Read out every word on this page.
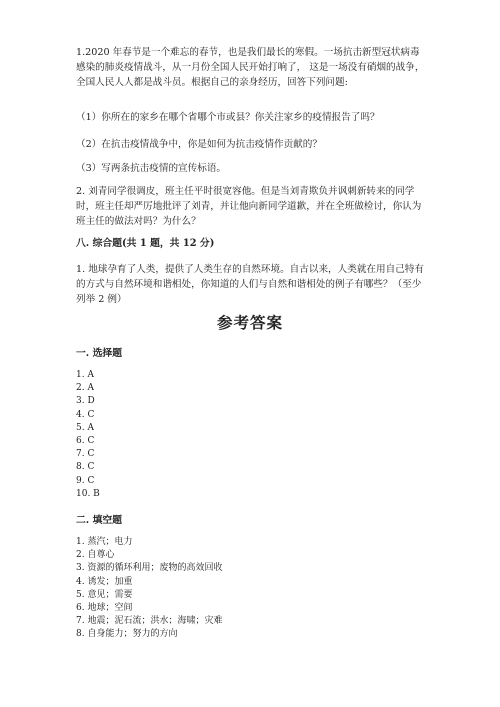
1.2020 年春节是一个难忘的春节，也是我们最长的寒假。一场抗击新型冠状病毒感染的肺炎疫情战斗，从一月份全国人民开始打响了， 这是一场没有硝烟的战争，全国人民人人都是战斗员。根据自己的亲身经历，回答下列问题:

（1）你所在的家乡在哪个省哪个市或县？你关注家乡的疫情报告了吗？

（2）在抗击疫情战争中，你是如何为抗击疫情作贡献的？

（3）写两条抗击疫情的宣传标语。

2. 刘青同学很调皮，班主任平时很宽容他。但是当刘青欺负并讽刺新转来的同学时，班主任却严厉地批评了刘青，并让他向新同学道歉，并在全班做检讨，你认为班主任的做法对吗？为什么？

八. 综合题(共 1 题，共 12 分)

1. 地球孕育了人类，提供了人类生存的自然环境。自古以来，人类就在用自己特有的方式与自然环境和谐相处，你知道的人们与自然和谐相处的例子有哪些？（至少列举 2 例）

参考答案

一. 选择题

1. A

2. A

3. D

4. C

5. A

6. C

7. C

8. C

9. C

10. B

二. 填空题

1. 蒸汽；电力

2. 自尊心

3. 资源的循环利用；废物的高效回收

4. 诱发；加重

5. 意见；需要

6. 地球；空间

7. 地震；泥石流；洪水；海啸；灾难

8. 自身能力；努力的方向
